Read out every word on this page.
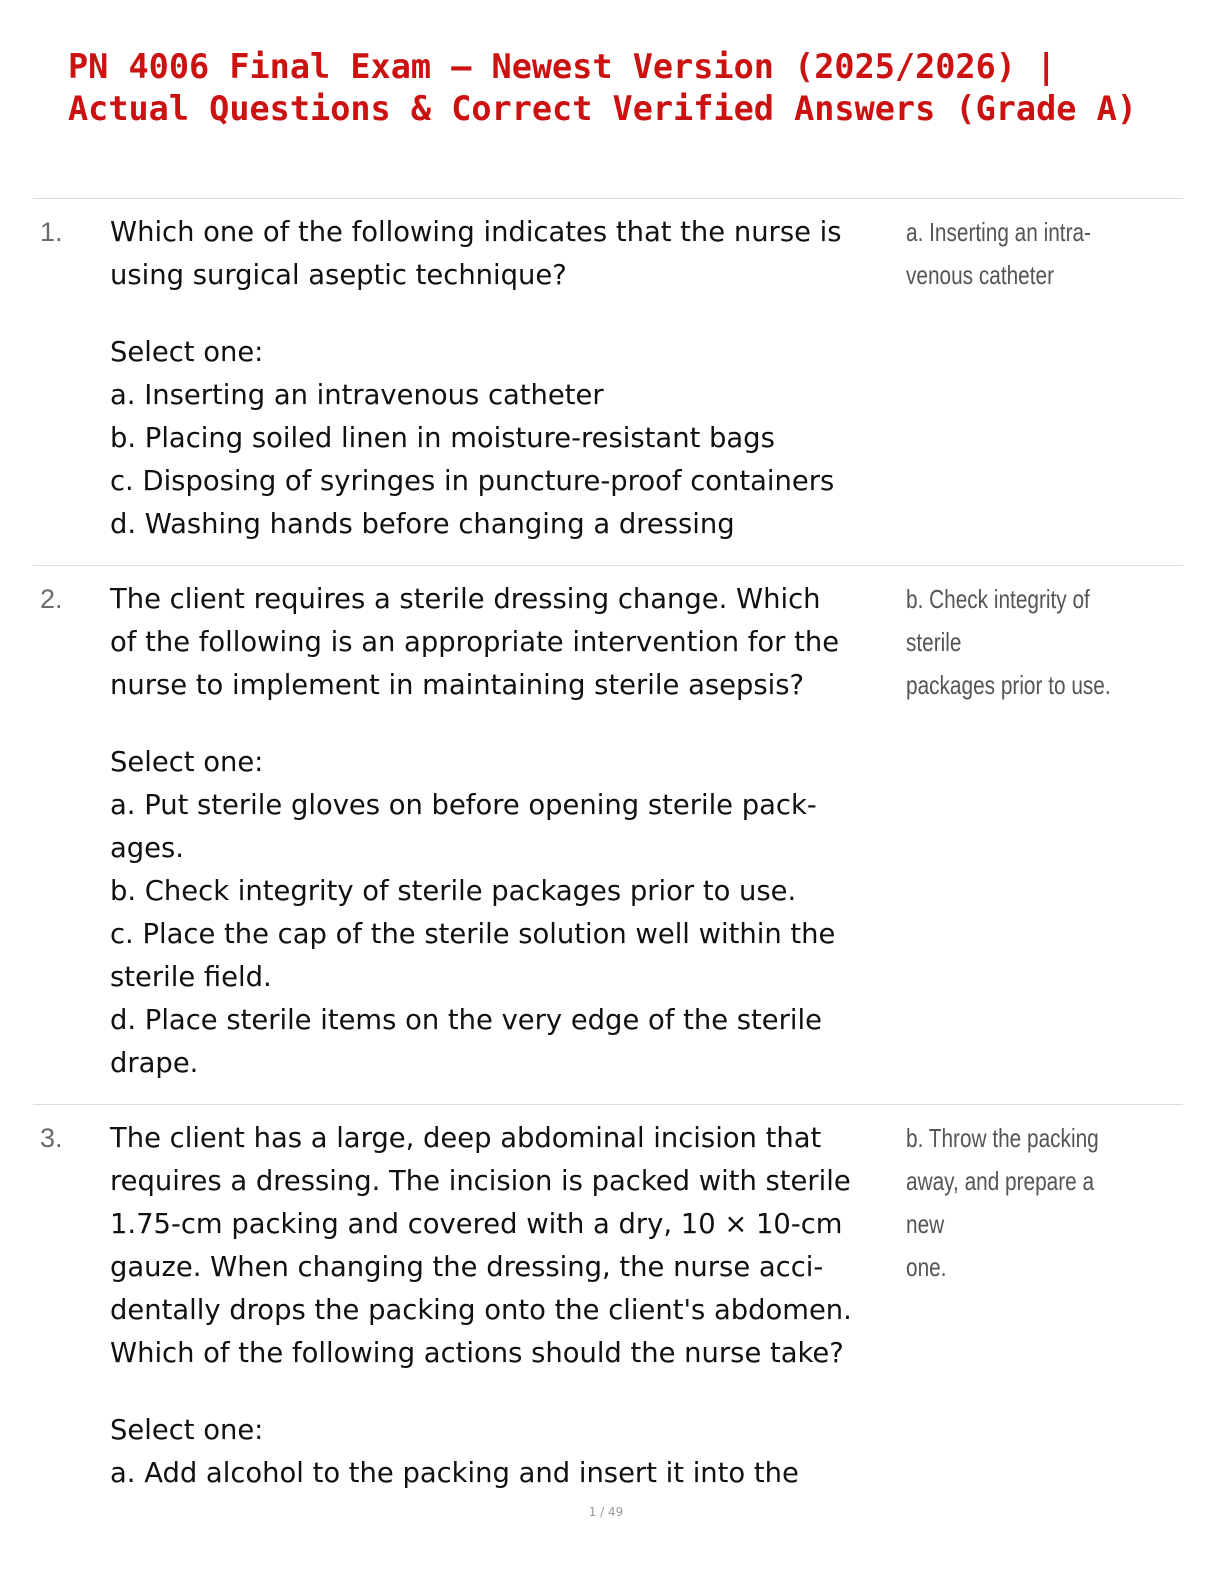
PN 4006 Final Exam – Newest Version (2025/2026) |
Actual Questions & Correct Verified Answers (Grade A)
1. Which one of the following indicates that the nurse is

using surgical aseptic technique?

Select one:

a. Inserting an intravenous catheter

b. Placing soiled linen in moisture-resistant bags

c. Disposing of syringes in puncture-proof containers

d. Washing hands before changing a dressing

a. Inserting an intra-
venous catheter
2. The client requires a sterile dressing change. Which

of the following is an appropriate intervention for the

nurse to implement in maintaining sterile asepsis?

Select one:

a. Put sterile gloves on before opening sterile pack-

ages.

b. Check integrity of sterile packages prior to use.

c. Place the cap of the sterile solution well within the

sterile field.

d. Place sterile items on the very edge of the sterile

drape.

b. Check integrity of sterile
packages prior to use.
3. The client has a large, deep abdominal incision that

requires a dressing. The incision is packed with sterile

1.75-cm packing and covered with a dry, 10 × 10-cm

gauze. When changing the dressing, the nurse acci-

dentally drops the packing onto the client's abdomen.

Which of the following actions should the nurse take?

Select one:

a. Add alcohol to the packing and insert it into the

b. Throw the packing
away, and prepare a new
one.
1 / 49
